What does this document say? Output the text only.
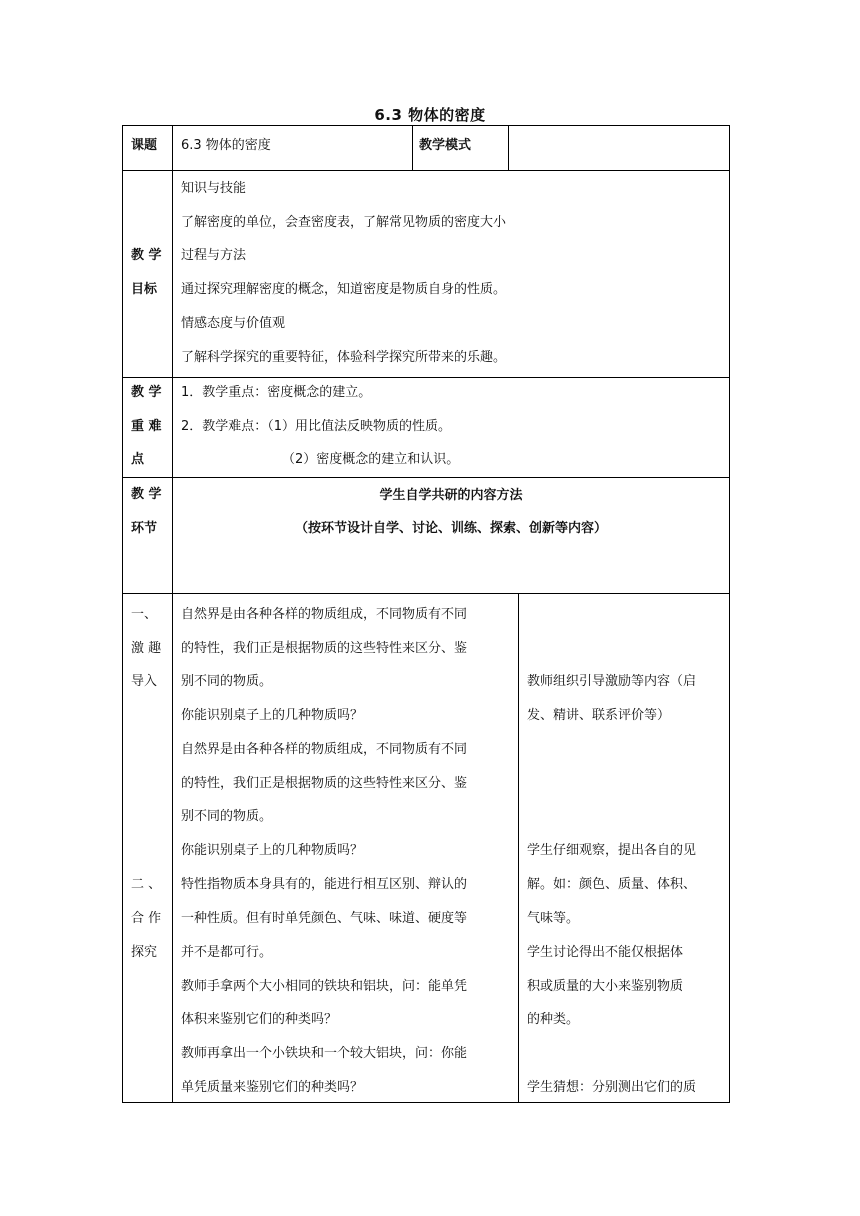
6.3 物体的密度
课题 6.3 物体的密度	教学模式
教 学
目标
知识与技能
了解密度的单位，会查密度表，了解常见物质的密度大小
过程与方法
通过探究理解密度的概念，知道密度是物质自身的性质。
情感态度与价值观
了解科学探究的重要特征，体验科学探究所带来的乐趣。
教 学
重 难
点
1．教学重点：密度概念的建立。
2．教学难点：（1）用比值法反映物质的性质。
（2）密度概念的建立和认识。
教 学
环节
学生自学共研的内容方法
（按环节设计自学、讨论、训练、探索、创新等内容）
一、
激 趣
导入
二 、
合 作
探究
自然界是由各种各样的物质组成，不同物质有不同
的特性，我们正是根据物质的这些特性来区分、鉴
别不同的物质。
你能识别桌子上的几种物质吗？
自然界是由各种各样的物质组成，不同物质有不同
的特性，我们正是根据物质的这些特性来区分、鉴
别不同的物质。
你能识别桌子上的几种物质吗？
特性指物质本身具有的，能进行相互区别、辩认的
一种性质。但有时单凭颜色、气味、味道、硬度等
并不是都可行。
教师手拿两个大小相同的铁块和铝块，问：能单凭
体积来鉴别它们的种类吗？
教师再拿出一个小铁块和一个较大铝块，问：你能
单凭质量来鉴别它们的种类吗？
教师组织引导激励等内容（启
发、精讲、联系评价等）
学生仔细观察，提出各自的见
解。如：颜色、质量、体积、
气味等。
学生讨论得出不能仅根据体
积或质量的大小来鉴别物质
的种类。
学生猜想：分别测出它们的质
